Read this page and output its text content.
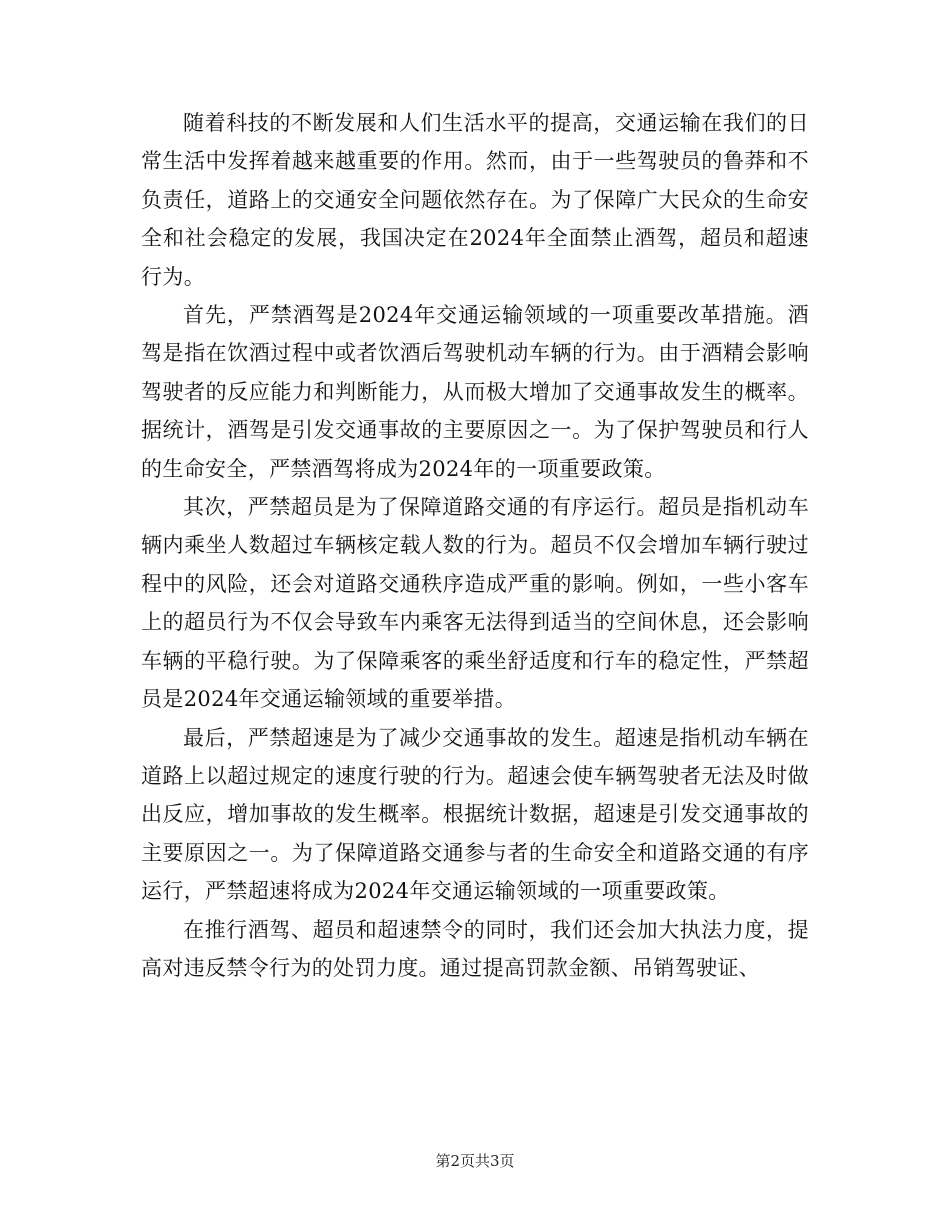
随着科技的不断发展和人们生活水平的提高，交通运输在我们的日常生活中发挥着越来越重要的作用。然而，由于一些驾驶员的鲁莽和不负责任，道路上的交通安全问题依然存在。为了保障广大民众的生命安全和社会稳定的发展，我国决定在2024年全面禁止酒驾，超员和超速行为。

首先，严禁酒驾是2024年交通运输领域的一项重要改革措施。酒驾是指在饮酒过程中或者饮酒后驾驶机动车辆的行为。由于酒精会影响驾驶者的反应能力和判断能力，从而极大增加了交通事故发生的概率。据统计，酒驾是引发交通事故的主要原因之一。为了保护驾驶员和行人的生命安全，严禁酒驾将成为2024年的一项重要政策。

其次，严禁超员是为了保障道路交通的有序运行。超员是指机动车辆内乘坐人数超过车辆核定载人数的行为。超员不仅会增加车辆行驶过程中的风险，还会对道路交通秩序造成严重的影响。例如，一些小客车上的超员行为不仅会导致车内乘客无法得到适当的空间休息，还会影响车辆的平稳行驶。为了保障乘客的乘坐舒适度和行车的稳定性，严禁超员是2024年交通运输领域的重要举措。

最后，严禁超速是为了减少交通事故的发生。超速是指机动车辆在道路上以超过规定的速度行驶的行为。超速会使车辆驾驶者无法及时做出反应，增加事故的发生概率。根据统计数据，超速是引发交通事故的主要原因之一。为了保障道路交通参与者的生命安全和道路交通的有序运行，严禁超速将成为2024年交通运输领域的一项重要政策。

在推行酒驾、超员和超速禁令的同时，我们还会加大执法力度，提高对违反禁令行为的处罚力度。通过提高罚款金额、吊销驾驶证、

第2页共3页
